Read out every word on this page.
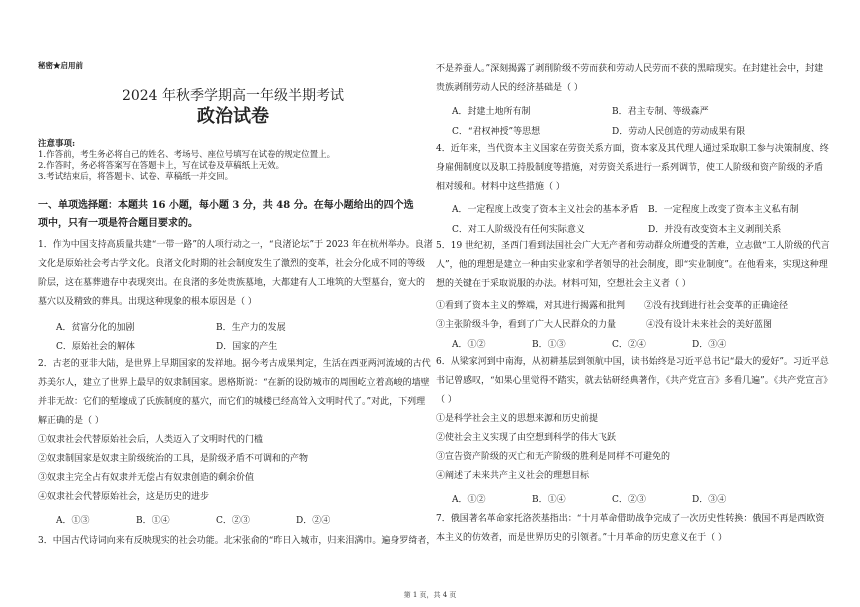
秘密★启用前
2024 年秋季学期高一年级半期考试
政治试卷
注意事项:
1.作答前，考生务必将自己的姓名、考场号、座位号填写在试卷的规定位置上。
2.作答时，务必将答案写在答题卡上，写在试卷及草稿纸上无效。
3.考试结束后，将答题卡、试卷、草稿纸一并交回。
一、单项选择题：本题共 16 小题，每小题 3 分，共 48 分。在每小题给出的四个选
项中，只有一项是符合题目要求的。
1．作为中国支持高质量共建“一带一路”的人项行动之一，“良渚论坛”于 2023 年在杭州举办。良渚
文化是原始社会考古学文化。良渚文化时期的社会制度发生了激烈的变革，社会分化成不同的等级
阶层，这在墓葬遗存中表现突出。在良渚的多处贵族墓地，大都建有人工堆筑的大型墓台，宽大的
墓穴以及精致的葬具。出现这种现象的根本原因是（ ）
A．贫富分化的加剧	B．生产力的发展
C．原始社会的解体	D．国家的产生
2．古老的亚非大陆，是世界上早期国家的发祥地。据今考古成果判定，生活在西亚两河流域的古代
苏美尔人，建立了世界上最早的奴隶制国家。恩格斯说：“在新的设防城市的周围屹立着高峻的墙壁
并非无故：它们的堑壕成了氏族制度的墓穴，而它们的城楼已经高耸入文明时代了。”对此，下列理
解正确的是（ ）
①奴隶社会代替原始社会后，人类迈入了文明时代的门槛
②奴隶制国家是奴隶主阶级统治的工具，是阶级矛盾不可调和的产物
③奴隶主完全占有奴隶并无偿占有奴隶创造的剩余价值
④奴隶社会代替原始社会，这是历史的进步
A．①③	B．①④	C．②③	D．②④
3．中国古代诗词向来有反映现实的社会功能。北宋张俞的“昨日入城市，归来泪满巾。遍身罗绮者，
不是养蚕人。”深刻揭露了剥削阶级不劳而获和劳动人民劳而不获的黑暗现实。在封建社会中，封建
贵族剥削劳动人民的经济基础是（ ）
A．封建土地所有制	B．君主专制、等级森严
C．“君权神授”等思想	D．劳动人民创造的劳动成果有限
4．近年来，当代资本主义国家在劳资关系方面，资本家及其代理人通过采取职工参与决策制度、终
身雇佣制度以及职工持股制度等措施，对劳资关系进行一系列调节，使工人阶级和资产阶级的矛盾
相对缓和。材料中这些措施（ ）
A．一定程度上改变了资本主义社会的基本矛盾 B．一定程度上改变了资本主义私有制
C．对工人阶级没有任何实际意义	D．并没有改变资本主义剥削关系
5．19 世纪初，圣西门看到法国社会广大无产者和劳动群众所遭受的苦难，立志做“工人阶级的代言
人”，他的理想是建立一种由实业家和学者领导的社会制度，即“实业制度”。在他看来，实现这种理
想的关键在于采取说服的办法。材料可知，空想社会主义者（ ）
①看到了资本主义的弊端，对其进行揭露和批判 ②没有找到进行社会变革的正确途径
③主张阶级斗争，看到了广大人民群众的力量	④没有设计未来社会的美好蓝图
A．①②	B．①③	C．②④	D．③④
6．从梁家河到中南海，从初耕基层到领航中国，读书始终是习近平总书记“最大的爱好”。习近平总
书记曾感叹，“如果心里觉得不踏实，就去钻研经典著作，《共产党宣言》多看几遍”。《共产党宣言》
（ ）
①是科学社会主义的思想来源和历史前提
②使社会主义实现了由空想到科学的伟大飞跃
③宣告资产阶级的灭亡和无产阶级的胜利是同样不可避免的
④阐述了未来共产主义社会的理想目标
A．①②	B．①④	C．②③	D．③④
7．俄国著名革命家托洛茨基指出：“十月革命借助战争完成了一次历史性转换：俄国不再是西欧资
本主义的仿效者，而是世界历史的引领者。”十月革命的历史意义在于（ ）
第 1 页，共 4 页
